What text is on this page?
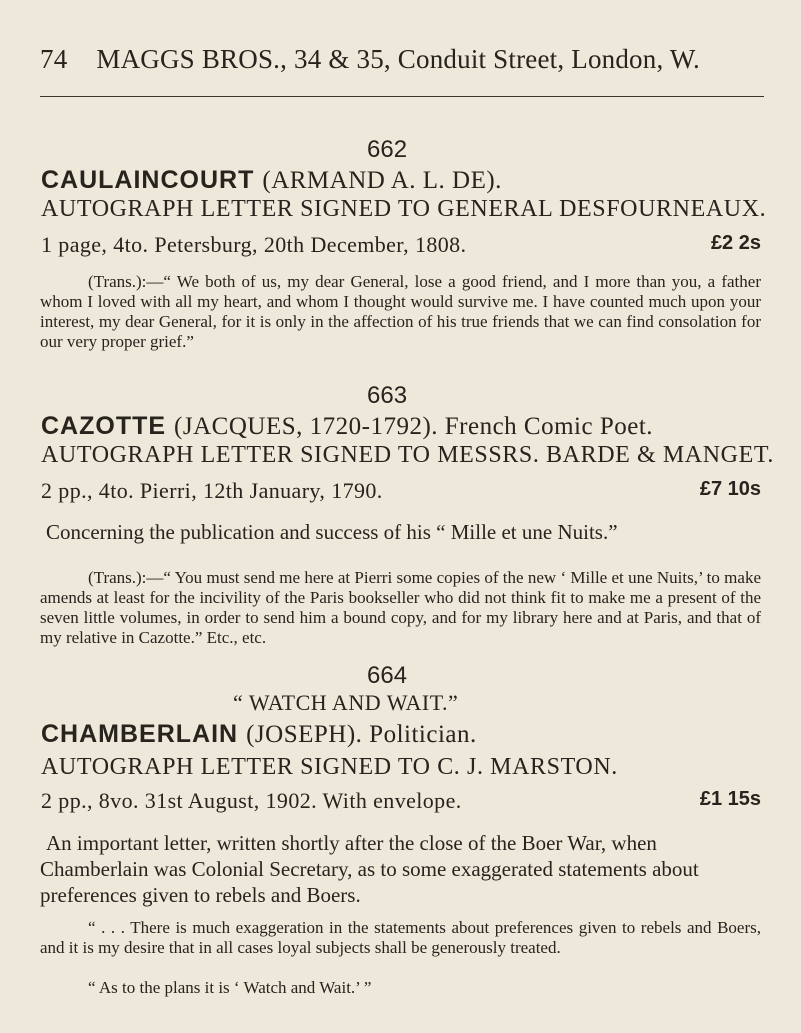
74 MAGGS BROS., 34 & 35, Conduit Street, London, W.
662
CAULAINCOURT (ARMAND A. L. DE).
AUTOGRAPH LETTER SIGNED TO GENERAL DESFOURNEAUX.
1 page, 4to. Petersburg, 20th December, 1808.	£2 2s
(Trans.):—“ We both of us, my dear General, lose a good friend, and I more than you, a father whom I loved with all my heart, and whom I thought would survive me. I have counted much upon your interest, my dear General, for it is only in the affection of his true friends that we can find consolation for our very proper grief.”
663
CAZOTTE (JACQUES, 1720-1792). French Comic Poet.
AUTOGRAPH LETTER SIGNED TO MESSRS. BARDE & MANGET.
2 pp., 4to. Pierri, 12th January, 1790.	£7 10s
Concerning the publication and success of his “ Mille et une Nuits.”
(Trans.):—“ You must send me here at Pierri some copies of the new ‘ Mille et une Nuits,’ to make amends at least for the incivility of the Paris bookseller who did not think fit to make me a present of the seven little volumes, in order to send him a bound copy, and for my library here and at Paris, and that of my relative in Cazotte.” Etc., etc.
664
“ WATCH AND WAIT.”
CHAMBERLAIN (JOSEPH). Politician.
AUTOGRAPH LETTER SIGNED TO C. J. MARSTON.
2 pp., 8vo. 31st August, 1902. With envelope.	£1 15s
An important letter, written shortly after the close of the Boer War, when Chamberlain was Colonial Secretary, as to some exaggerated statements about preferences given to rebels and Boers.
“ . . . There is much exaggeration in the statements about preferences given to rebels and Boers, and it is my desire that in all cases loyal subjects shall be generously treated.
“ As to the plans it is ‘ Watch and Wait.’ ”
